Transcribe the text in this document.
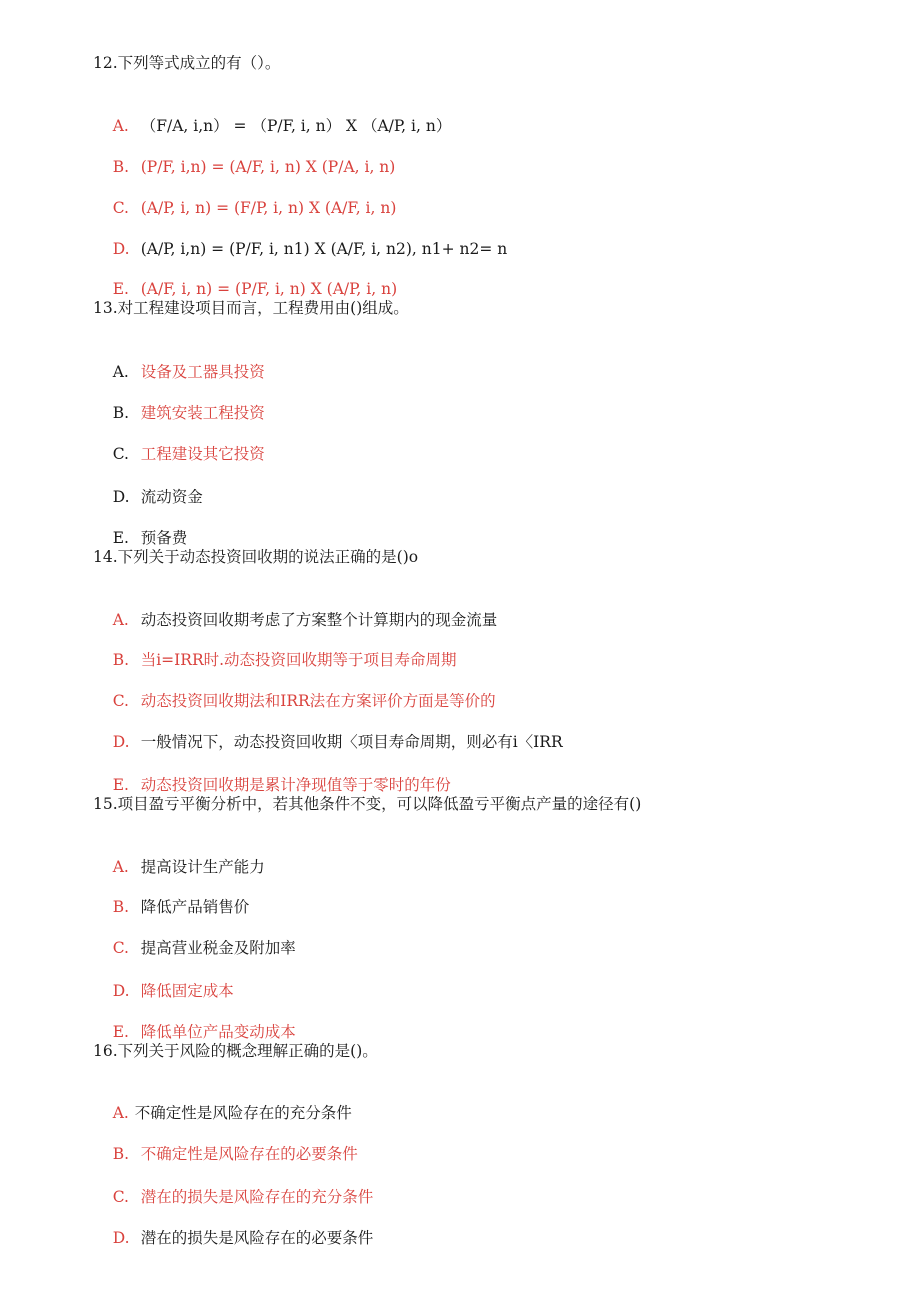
12.下列等式成立的有（）。

A. （F/A, i,n） = （P/F, i, n） X （A/P, i, n）

B. (P/F, i,n) = (A/F, i, n) X (P/A, i, n)

C. (A/P, i, n) = (F/P, i, n) X (A/F, i, n)

D. (A/P, i,n) = (P/F, i, n1) X (A/F, i, n2), n1+ n2= n

E. (A/F, i, n) = (P/F, i, n) X (A/P, i, n)

13.对工程建设项目而言，工程费用由()组成。

A. 设备及工器具投资

B. 建筑安装工程投资

C. 工程建设其它投资

D. 流动资金

E. 预备费

14.下列关于动态投资回收期的说法正确的是()o

A. 动态投资回收期考虑了方案整个计算期内的现金流量

B. 当i=IRR时.动态投资回收期等于项目寿命周期

C. 动态投资回收期法和IRR法在方案评价方面是等价的

D. 一般情况下，动态投资回收期〈项目寿命周期，则必有i〈IRR

E. 动态投资回收期是累计净现值等于零时的年份

15.项目盈亏平衡分析中，若其他条件不变，可以降低盈亏平衡点产量的途径有()

A. 提高设计生产能力

B. 降低产品销售价

C. 提高营业税金及附加率

D. 降低固定成本

E. 降低单位产品变动成本

16.下列关于风险的概念理解正确的是()。

A. 不确定性是风险存在的充分条件

B. 不确定性是风险存在的必要条件

C. 潜在的损失是风险存在的充分条件

D. 潜在的损失是风险存在的必要条件
